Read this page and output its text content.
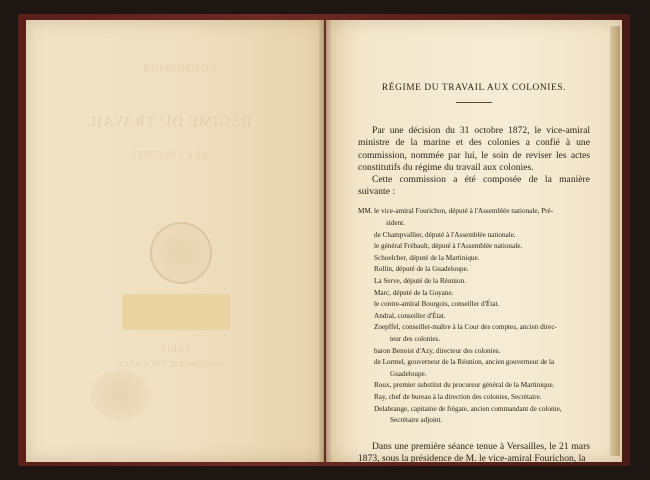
COMMISSION
RÉGIME DU TRAVAIL
AUX COLONIES
PARIS
IMPRIMERIE NATIONALE
RÉGIME DU TRAVAIL AUX COLONIES.

Par une décision du 31 octobre 1872, le vice-amiral ministre de la marine et des colonies a confié à une commission, nommée par lui, le soin de reviser les actes constitutifs du régime du travail aux colonies.

Cette commission a été composée de la manière suivante :

MM. le vice-amiral Fourichon, député à l'Assemblée nationale, Pré-
sident.
de Champvallier, député à l'Assemblée nationale.
le général Frébault, député à l'Assemblée nationale.
Schoelcher, député de la Martinique.
Rollin, député de la Guadeloupe.
La Serve, député de la Réunion.
Marc, député de la Guyane.
le contre-amiral Bourgois, conseiller d'État.
Andral, conseiller d'État.
Zoepffel, conseiller-maître à la Cour des comptes, ancien direc-
teur des colonies.
baron Benoist d'Azy, directeur des colonies.
de Lormel, gouverneur de la Réunion, ancien gouverneur de la
Guadeloupe.
Roux, premier substitut du procureur général de la Martinique.
Ray, chef de bureau à la direction des colonies, Secrétaire.
Delabrange, capitaine de frégate, ancien commandant de colonie,
Secrétaire adjoint.

Dans une première séance tenue à Versailles, le 21 mars 1873, sous la présidence de M. le vice-amiral Fourichon, la
